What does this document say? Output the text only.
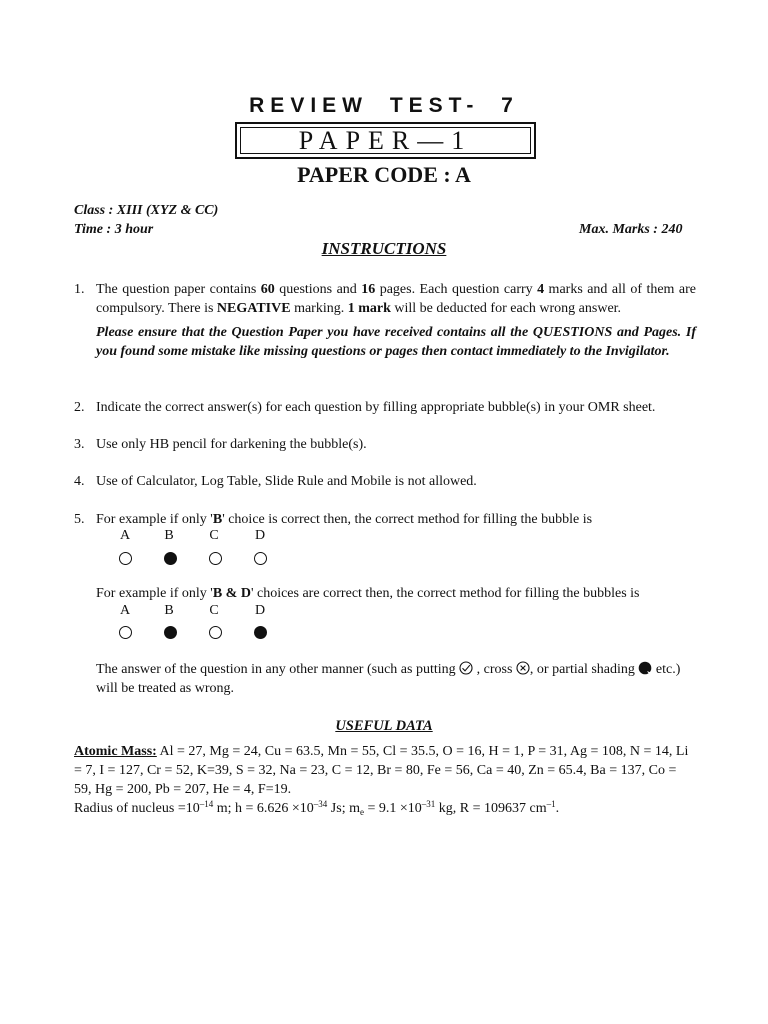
REVIEW TEST- 7
PAPER—1
PAPER CODE : A
Class : XIII (XYZ & CC)
Time : 3 hour	Max. Marks : 240
INSTRUCTIONS
1. The question paper contains 60 questions and 16 pages. Each question carry 4 marks and all of them are compulsory. There is NEGATIVE marking. 1 mark will be deducted for each wrong answer.
Please ensure that the Question Paper you have received contains all the QUESTIONS and Pages. If you found some mistake like missing questions or pages then contact immediately to the Invigilator.
2. Indicate the correct answer(s) for each question by filling appropriate bubble(s) in your OMR sheet.
3. Use only HB pencil for darkening the bubble(s).
4. Use of Calculator, Log Table, Slide Rule and Mobile is not allowed.
5. For example if only 'B' choice is correct then, the correct method for filling the bubble is
A	B	C	D
For example if only 'B & D' choices are correct then, the correct method for filling the bubbles is
A	B	C	D
The answer of the question in any other manner (such as putting  , cross , or partial shading  etc.) will be treated as wrong.
USEFUL DATA
Atomic Mass: Al = 27, Mg = 24, Cu = 63.5, Mn = 55, Cl = 35.5, O = 16, H = 1, P = 31, Ag = 108, N = 14, Li = 7, I = 127, Cr = 52, K=39, S = 32, Na = 23, C = 12, Br = 80, Fe = 56, Ca = 40, Zn = 65.4, Ba = 137, Co = 59, Hg = 200, Pb = 207, He = 4, F=19.
Radius of nucleus $=10^{-14}$ m; $h = 6.626 \times 10^{-34}$ Js; $m_e = 9.1 \times 10^{-31}$ kg, R = 109637 $cm^{-1}$.
